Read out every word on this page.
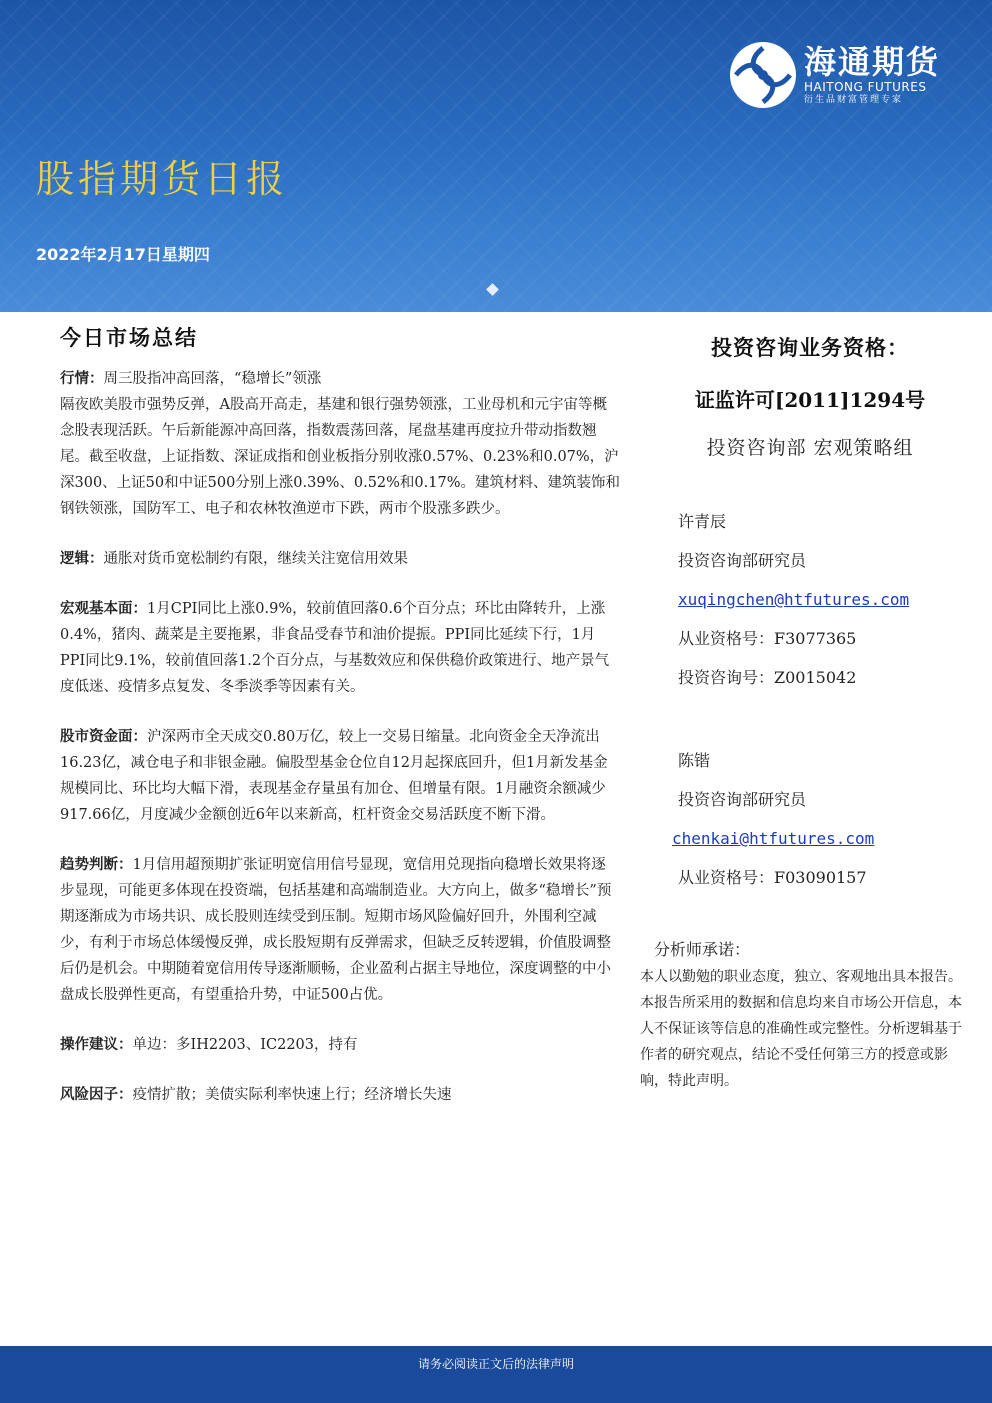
海通期货
HAITONG FUTURES
衍生品财富管理专家
股指期货日报
2022年2月17日星期四
今日市场总结

行情：周三股指冲高回落，“稳增长”领涨

隔夜欧美股市强势反弹，A股高开高走，基建和银行强势领涨，工业母机和元宇宙等概念股表现活跃。午后新能源冲高回落，指数震荡回落，尾盘基建再度拉升带动指数翘尾。截至收盘，上证指数、深证成指和创业板指分别收涨0.57%、0.23%和0.07%，沪深300、上证50和中证500分别上涨0.39%、0.52%和0.17%。建筑材料、建筑装饰和钢铁领涨，国防军工、电子和农林牧渔逆市下跌，两市个股涨多跌少。

逻辑：通胀对货币宽松制约有限，继续关注宽信用效果

宏观基本面：1月CPI同比上涨0.9%，较前值回落0.6个百分点；环比由降转升，上涨0.4%，猪肉、蔬菜是主要拖累，非食品受春节和油价提振。PPI同比延续下行，1月PPI同比9.1%，较前值回落1.2个百分点，与基数效应和保供稳价政策进行、地产景气度低迷、疫情多点复发、冬季淡季等因素有关。

股市资金面：沪深两市全天成交0.80万亿，较上一交易日缩量。北向资金全天净流出16.23亿，减仓电子和非银金融。偏股型基金仓位自12月起探底回升，但1月新发基金规模同比、环比均大幅下滑，表现基金存量虽有加仓、但增量有限。1月融资余额减少917.66亿，月度减少金额创近6年以来新高，杠杆资金交易活跃度不断下滑。

趋势判断：1月信用超预期扩张证明宽信用信号显现，宽信用兑现指向稳增长效果将逐步显现，可能更多体现在投资端，包括基建和高端制造业。大方向上，做多“稳增长”预期逐渐成为市场共识、成长股则连续受到压制。短期市场风险偏好回升，外围利空减少，有利于市场总体缓慢反弹，成长股短期有反弹需求，但缺乏反转逻辑，价值股调整后仍是机会。中期随着宽信用传导逐渐顺畅，企业盈利占据主导地位，深度调整的中小盘成长股弹性更高，有望重拾升势，中证500占优。

操作建议：单边：多IH2203、IC2203，持有

风险因子：疫情扩散；美债实际利率快速上行；经济增长失速

投资咨询业务资格：
证监许可[2011]1294号
投资咨询部 宏观策略组
许青辰
投资咨询部研究员
xuqingchen@htfutures.com
从业资格号：F3077365
投资咨询号：Z0015042
陈锴
投资咨询部研究员
chenkai@htfutures.com
从业资格号：F03090157
分析师承诺：
本人以勤勉的职业态度，独立、客观地出具本报告。本报告所采用的数据和信息均来自市场公开信息，本人不保证该等信息的准确性或完整性。分析逻辑基于作者的研究观点，结论不受任何第三方的授意或影响，特此声明。
请务必阅读正文后的法律声明
